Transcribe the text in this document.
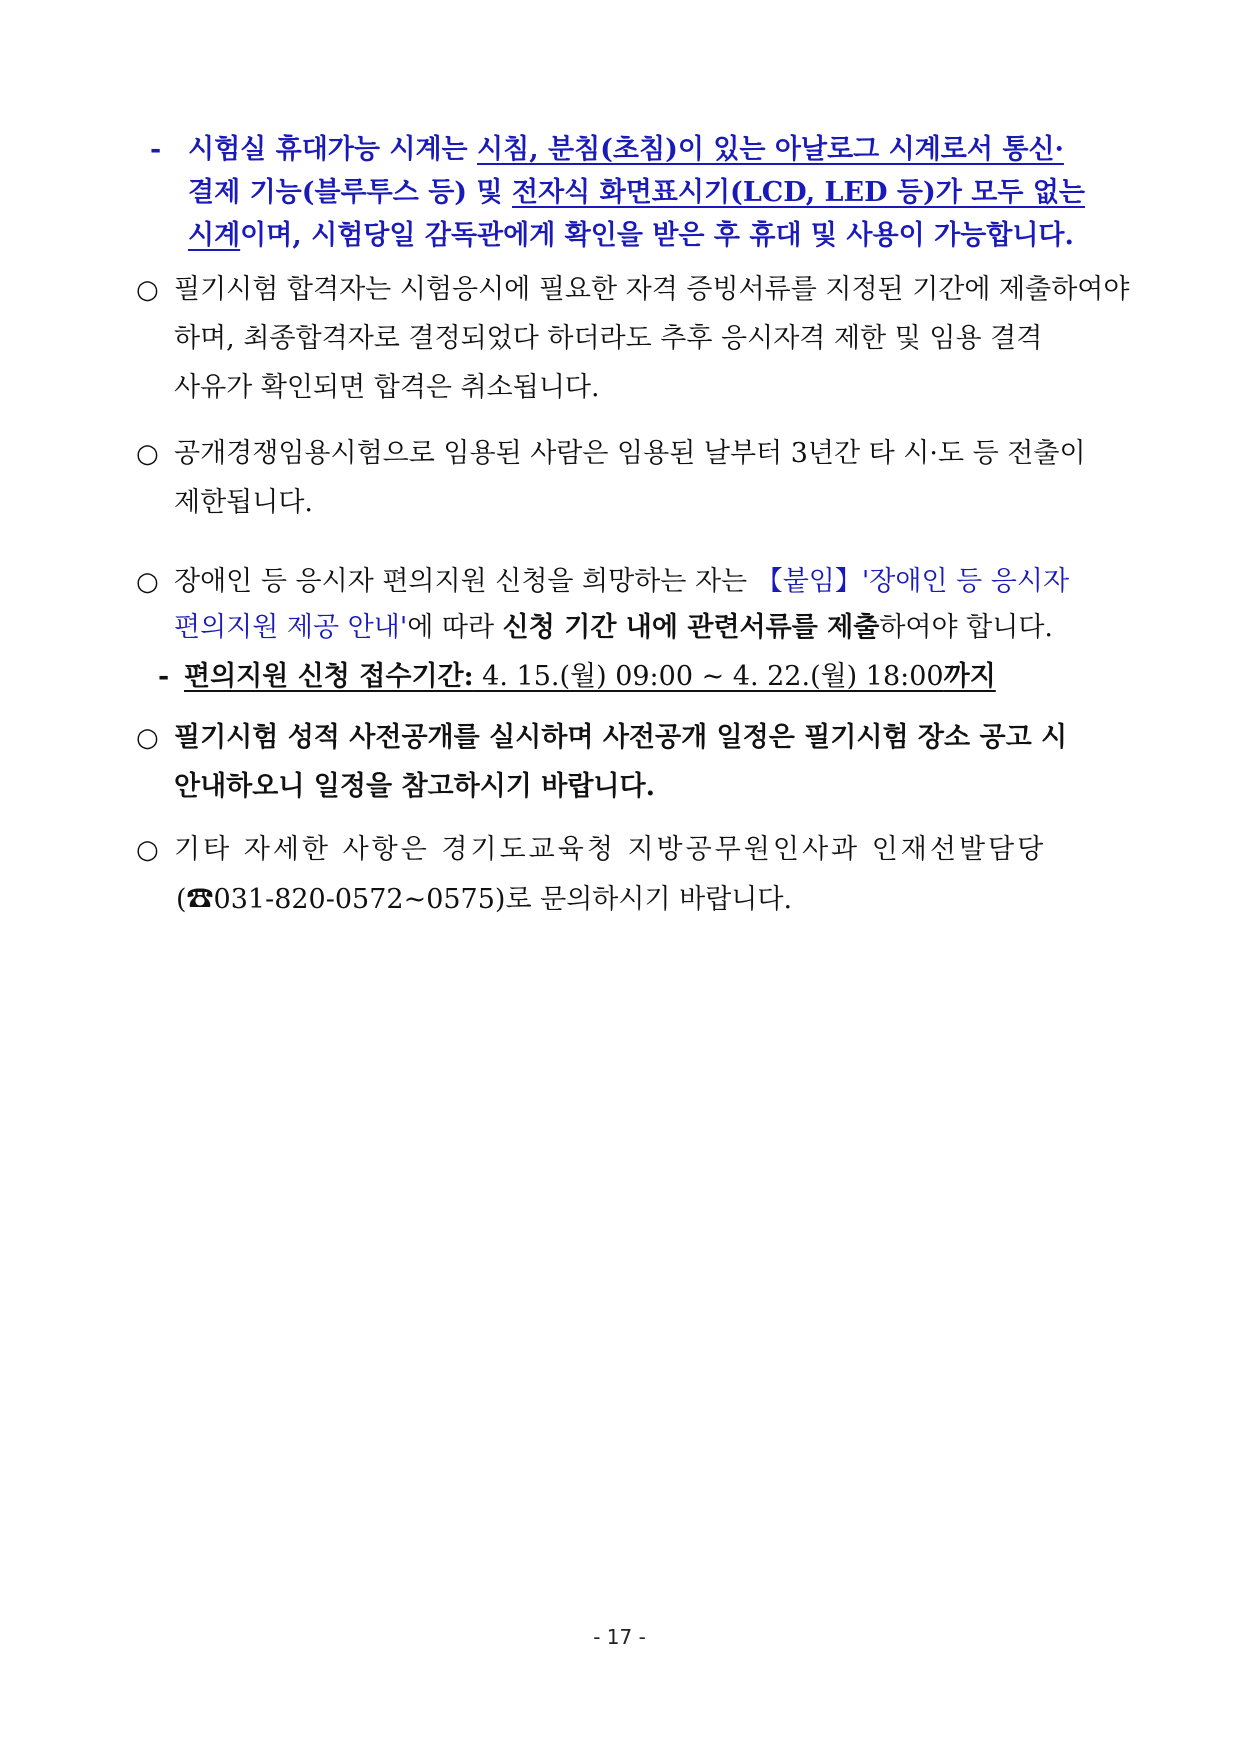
- 시험실 휴대가능 시계는 시침, 분침(초침)이 있는 아날로그 시계로서 통신·
결제 기능(블루투스 등) 및 전자식 화면표시기(LCD, LED 등)가 모두 없는
시계이며, 시험당일 감독관에게 확인을 받은 후 휴대 및 사용이 가능합니다.
○ 필기시험 합격자는 시험응시에 필요한 자격 증빙서류를 지정된 기간에 제출하여야
하며, 최종합격자로 결정되었다 하더라도 추후 응시자격 제한 및 임용 결격
사유가 확인되면 합격은 취소됩니다.
○ 공개경쟁임용시험으로 임용된 사람은 임용된 날부터 3년간 타 시·도 등 전출이
제한됩니다.
○ 장애인 등 응시자 편의지원 신청을 희망하는 자는 【붙임】'장애인 등 응시자
편의지원 제공 안내'에 따라 신청 기간 내에 관련서류를 제출하여야 합니다.
- 편의지원 신청 접수기간: 4. 15.(월) 09:00 ~ 4. 22.(월) 18:00까지
○ 필기시험 성적 사전공개를 실시하며 사전공개 일정은 필기시험 장소 공고 시
안내하오니 일정을 참고하시기 바랍니다.
○ 기타 자세한 사항은 경기도교육청 지방공무원인사과 인재선발담당
(☎031-820-0572~0575)로 문의하시기 바랍니다.
- 17 -
